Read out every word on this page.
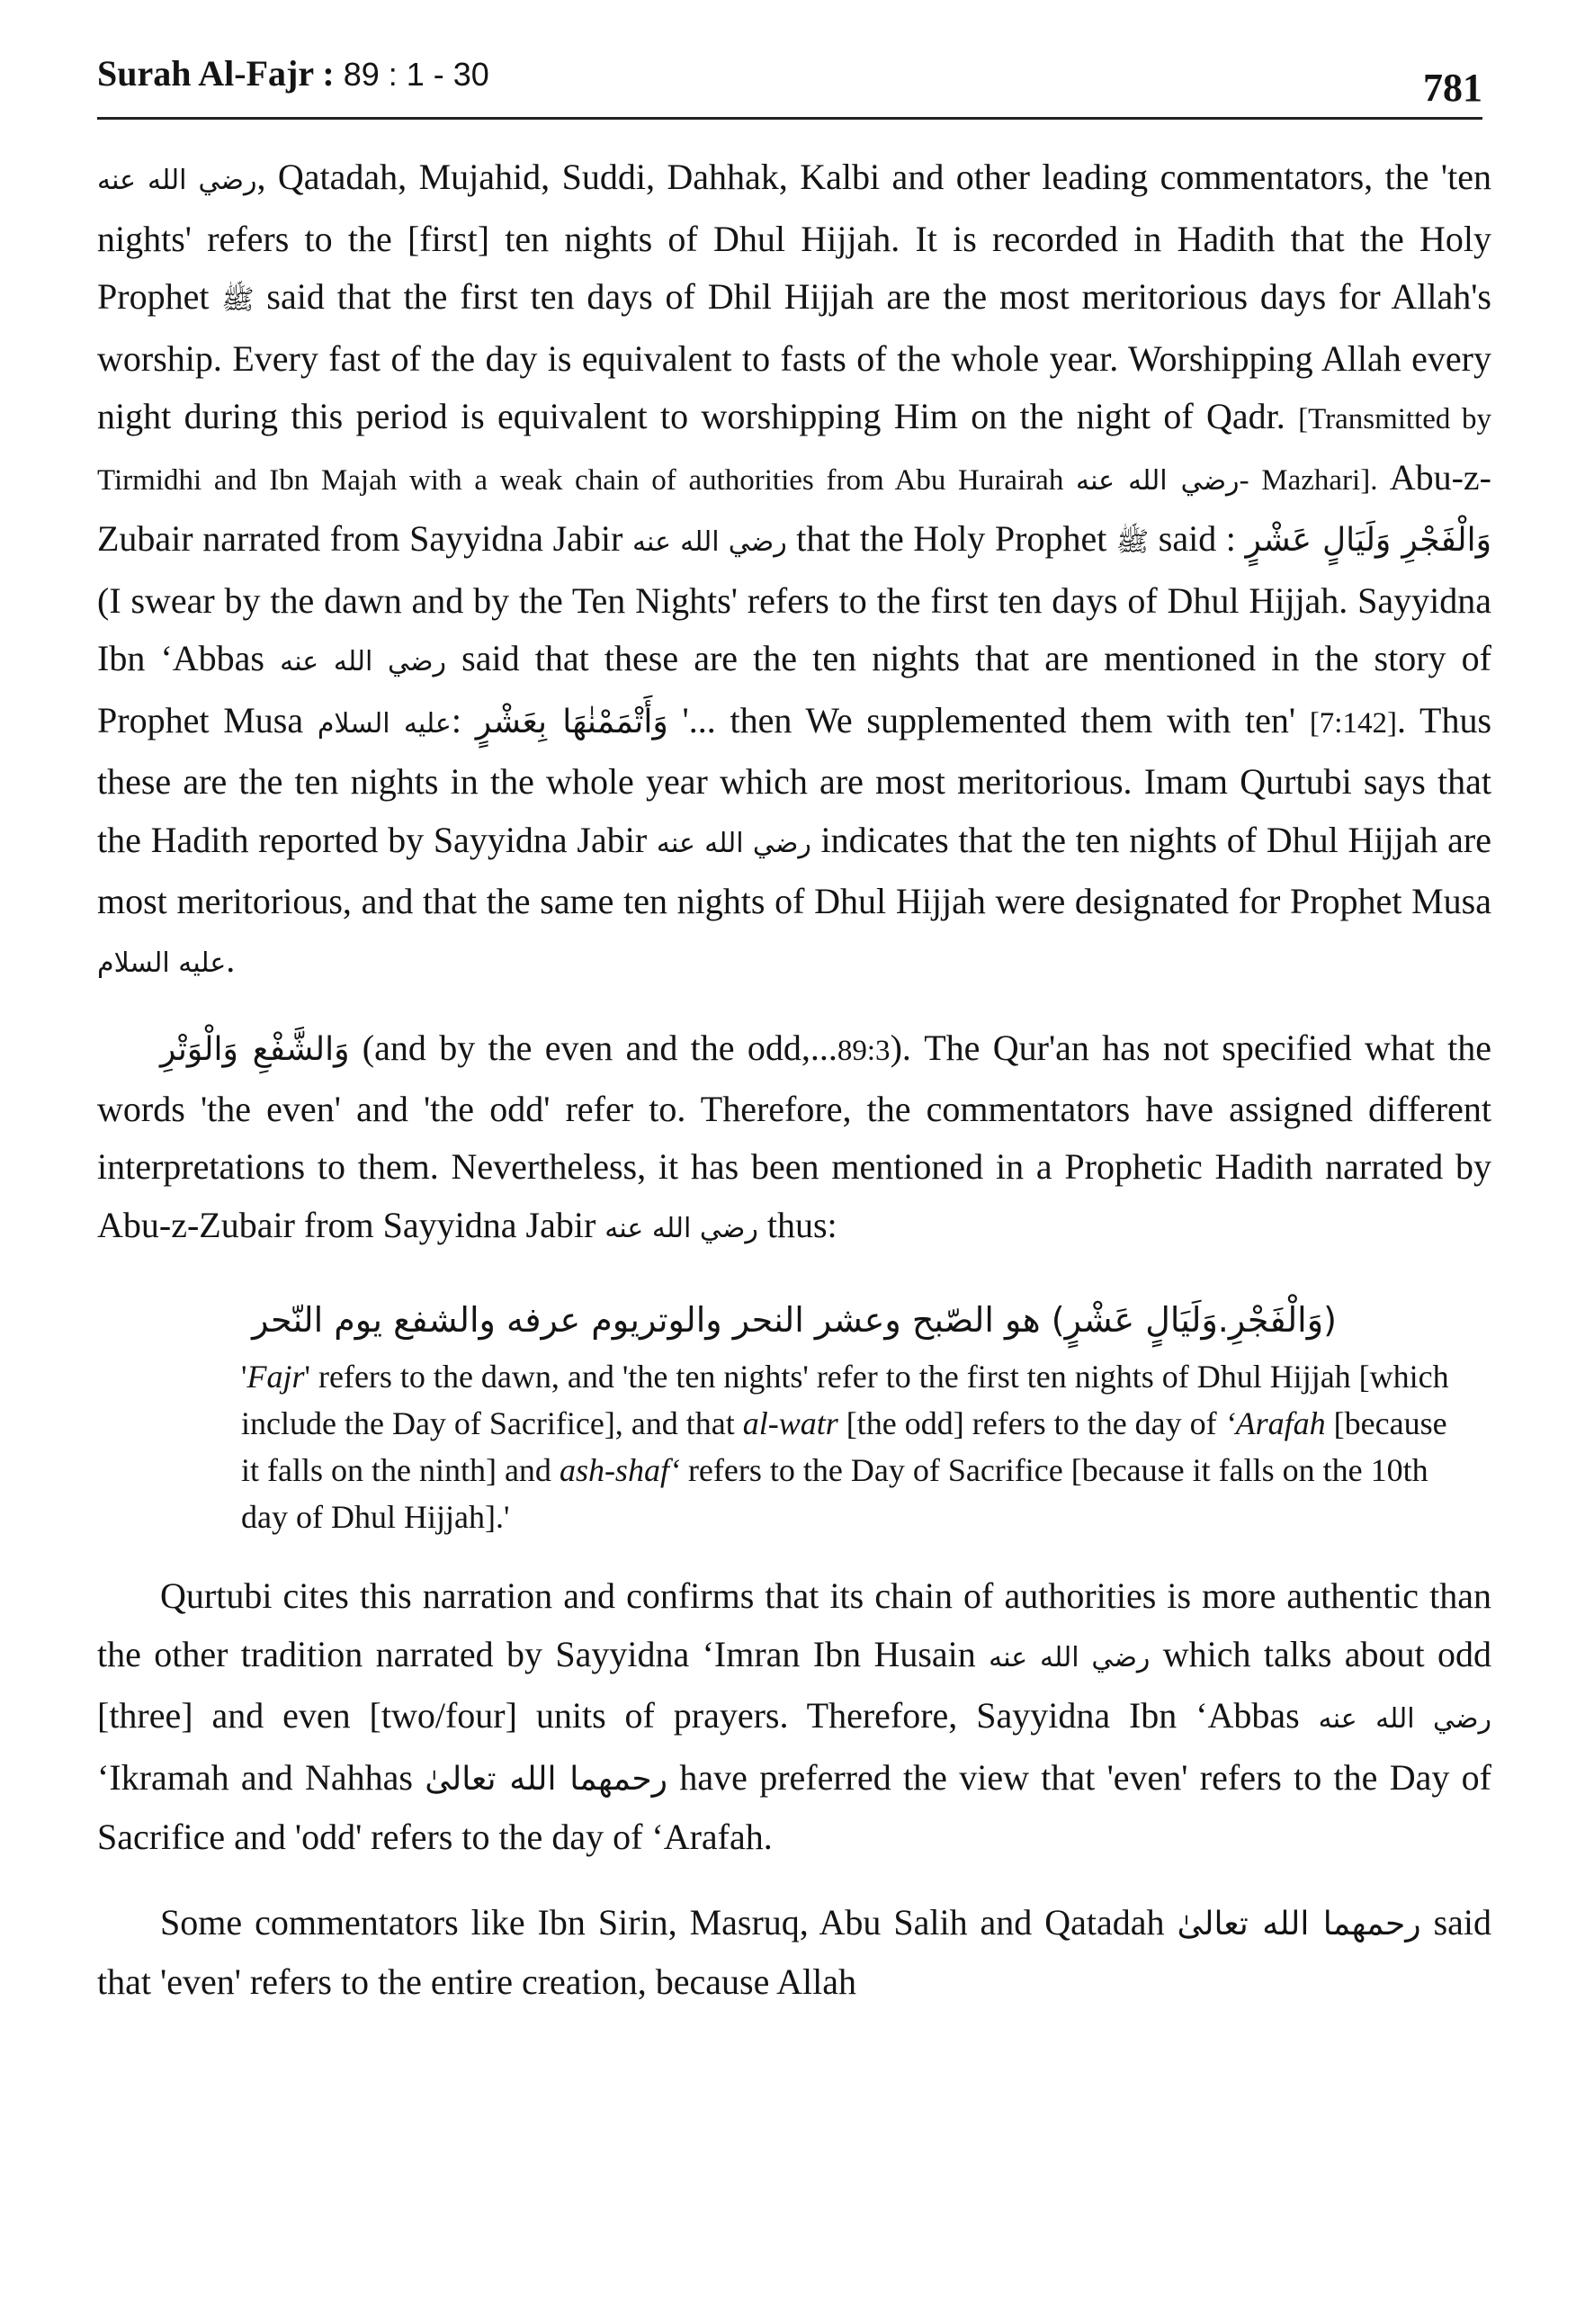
Surah Al-Fajr : 89 : 1 - 30	781

رضي الله عنه, Qatadah, Mujahid, Suddi, Dahhak, Kalbi and other leading commentators, the 'ten nights' refers to the [first] ten nights of Dhul Hijjah. It is recorded in Hadith that the Holy Prophet ﷺ said that the first ten days of Dhil Hijjah are the most meritorious days for Allah's worship. Every fast of the day is equivalent to fasts of the whole year. Worshipping Allah every night during this period is equivalent to worshipping Him on the night of Qadr. [Transmitted by Tirmidhi and Ibn Majah with a weak chain of authorities from Abu Hurairah رضي الله عنه- Mazhari]. Abu-z-Zubair narrated from Sayyidna Jabir رضي الله عنه that the Holy Prophet ﷺ said : وَالْفَجْرِ وَلَيَالٍ عَشْرٍ (I swear by the dawn and by the Ten Nights' refers to the first ten days of Dhul Hijjah. Sayyidna Ibn ‘Abbas رضي الله عنه said that these are the ten nights that are mentioned in the story of Prophet Musa عليه السلام: وَأَتْمَمْنٰهَا بِعَشْرٍ '... then We supplemented them with ten' [7:142]. Thus these are the ten nights in the whole year which are most meritorious. Imam Qurtubi says that the Hadith reported by Sayyidna Jabir رضي الله عنه indicates that the ten nights of Dhul Hijjah are most meritorious, and that the same ten nights of Dhul Hijjah were designated for Prophet Musa عليه السلام.

وَالشَّفْعِ وَالْوَتْرِ (and by the even and the odd,...89:3). The Qur'an has not specified what the words 'the even' and 'the odd' refer to. Therefore, the commentators have assigned different interpretations to them. Nevertheless, it has been mentioned in a Prophetic Hadith narrated by Abu-z-Zubair from Sayyidna Jabir رضي الله عنه thus:

(وَالْفَجْرِ.وَلَيَالٍ عَشْرٍ) هو الصّبح وعشر النحر والوتريوم عرفه والشفع يوم النّحر

'Fajr' refers to the dawn, and 'the ten nights' refer to the first ten nights of Dhul Hijjah [which include the Day of Sacrifice], and that al-watr [the odd] refers to the day of ‘Arafah [because it falls on the ninth] and ash-shaf‘ refers to the Day of Sacrifice [because it falls on the 10th day of Dhul Hijjah].'

Qurtubi cites this narration and confirms that its chain of authorities is more authentic than the other tradition narrated by Sayyidna ‘Imran Ibn Husain رضي الله عنه which talks about odd [three] and even [two/four] units of prayers. Therefore, Sayyidna Ibn ‘Abbas رضي الله عنه ‘Ikramah and Nahhas رحمهما الله تعالىٰ have preferred the view that 'even' refers to the Day of Sacrifice and 'odd' refers to the day of ‘Arafah.

Some commentators like Ibn Sirin, Masruq, Abu Salih and Qatadah رحمهما الله تعالىٰ said that 'even' refers to the entire creation, because Allah
